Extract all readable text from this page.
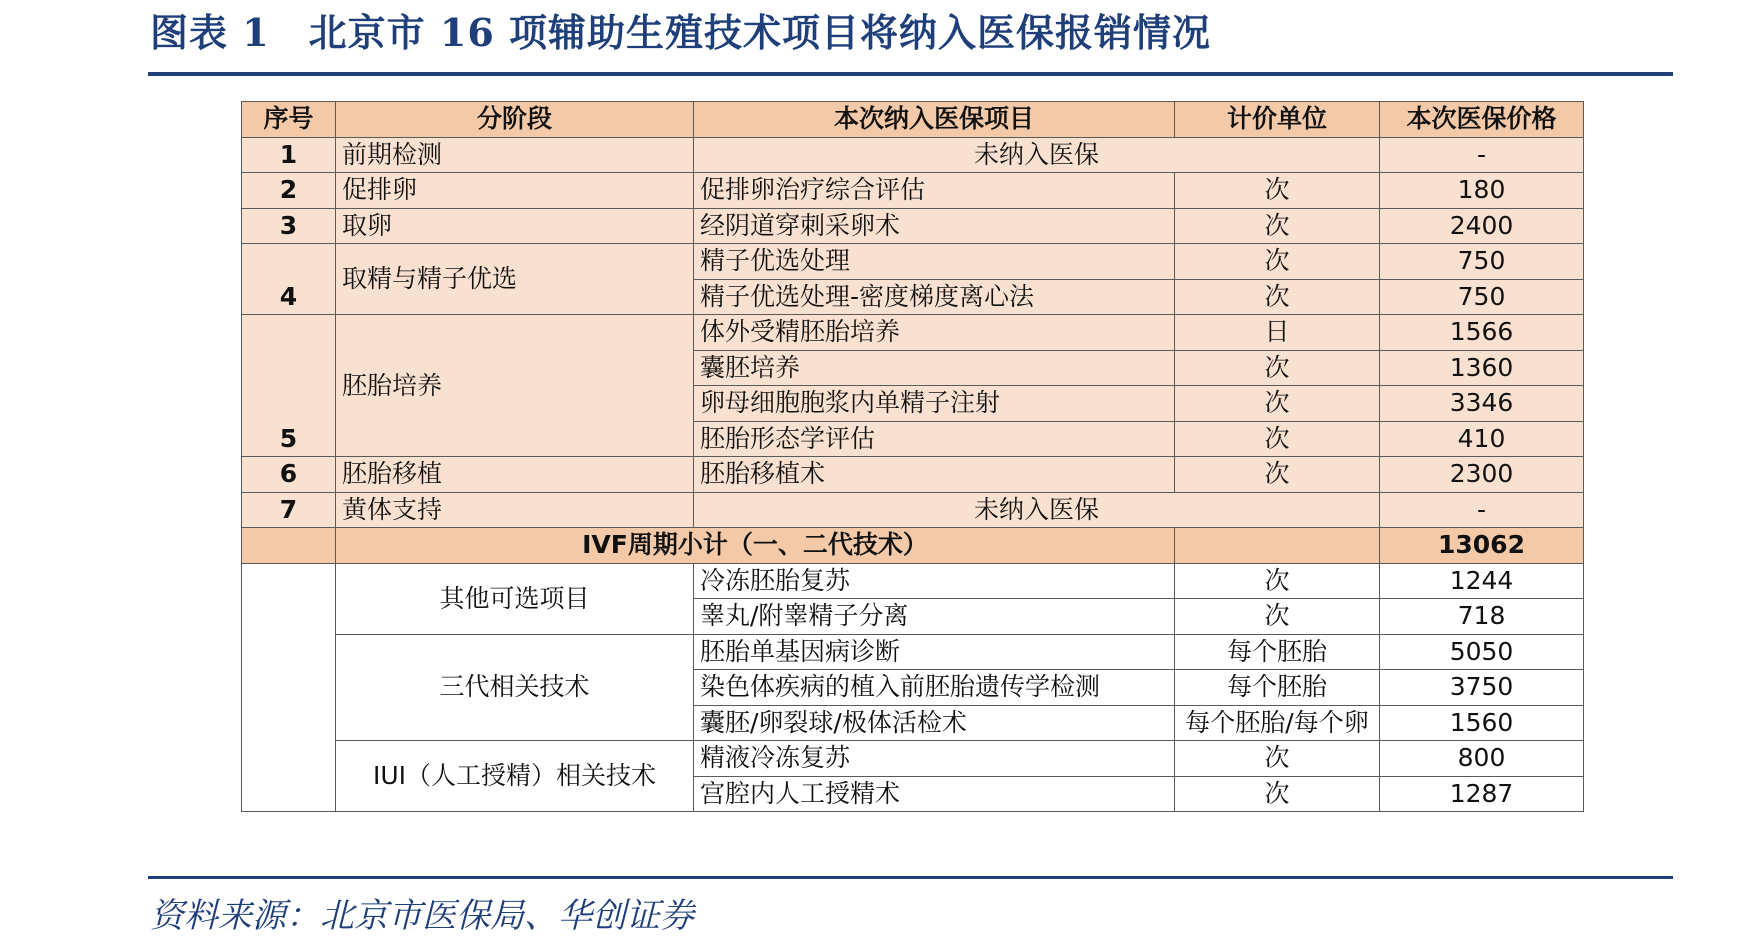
图表 1　北京市 16 项辅助生殖技术项目将纳入医保报销情况
序号	分阶段	本次纳入医保项目	计价单位	本次医保价格
1	前期检测	未纳入医保		-
2	促排卵	促排卵治疗综合评估	次	180
3	取卵	经阴道穿刺采卵术	次	2400
4	取精与精子优选	精子优选处理	次	750
		精子优选处理-密度梯度离心法	次	750
5	胚胎培养	体外受精胚胎培养	日	1566
		囊胚培养	次	1360
		卵母细胞胞浆内单精子注射	次	3346
		胚胎形态学评估	次	410
6	胚胎移植	胚胎移植术	次	2300
7	黄体支持	未纳入医保		-
	IVF周期小计（一、二代技术）			13062
	其他可选项目	冷冻胚胎复苏	次	1244
		睾丸/附睾精子分离	次	718
	三代相关技术	胚胎单基因病诊断	每个胚胎	5050
		染色体疾病的植入前胚胎遗传学检测	每个胚胎	3750
		囊胚/卵裂球/极体活检术	每个胚胎/每个卵	1560
	IUI（人工授精）相关技术	精液冷冻复苏	次	800
		宫腔内人工授精术	次	1287
资料来源：北京市医保局、华创证券
